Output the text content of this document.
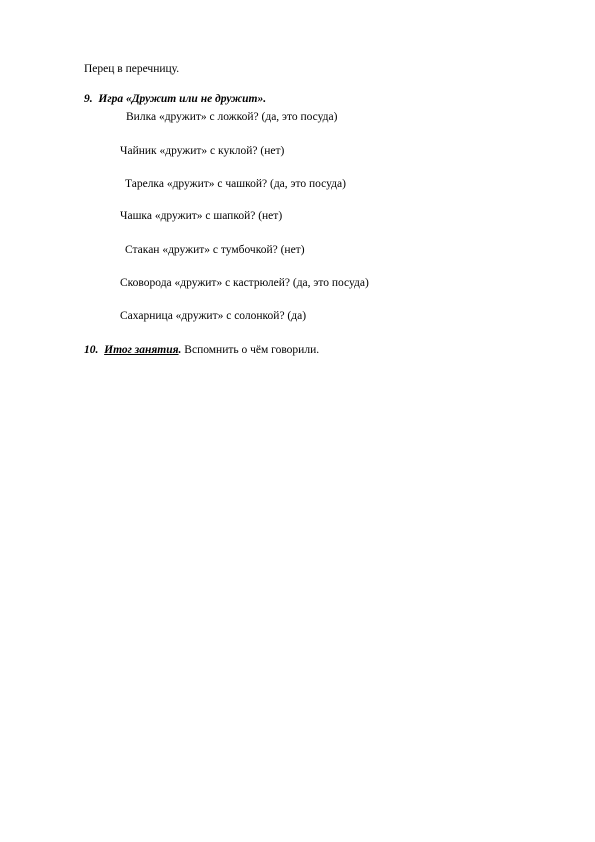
Перец в перечницу.
9. Игра «Дружит или не дружит».
Вилка «дружит» с ложкой? (да, это посуда)
Чайник «дружит» с куклой? (нет)
Тарелка «дружит» с чашкой? (да, это посуда)
Чашка «дружит» с шапкой? (нет)
Стакан «дружит» с тумбочкой? (нет)
Сковорода «дружит» с кастрюлей? (да, это посуда)
Сахарница «дружит» с солонкой? (да)
10. Итог занятия. Вспомнить о чём говорили.
